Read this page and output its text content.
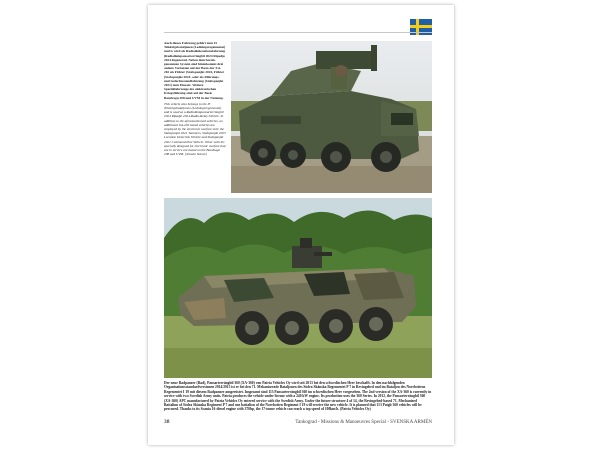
Auch dieses Fahrzeug gehört zum I3 Telekrigsbataljonen (Ledningsregementet) und is wird als Radiolänkstationsfahrzeug (Radiolänkpansarterrängbil 2024 Ripadje 2024-Ingenerad. Neben dem bereits genannten System sind hinzukommt drei andere Varianten auf der Basis der XA-202 als Führer (Stabspanjkt 2024, Führer (Stabspanjkt 2024- oder als Führungs- und Gefechtsstandfahrzeug (Stabspanjkt 2021) zum Einsatz. Weitere Spezialfahrzeuge des elektronischen Kriegsführung sind auf der Basis Bandvagn 208 und UVM in der Nutzung.

This vehicle also belongs to the I3 Telekrigsbataljonen (Ledningsregementet) and is used as a Radiolänkpansarterrängbil 2024 Ripadje 2024-Radio-Relay-Vehicle. In addition to the aforementioned vehicles, an additional XA-202 based vehicles are employed by the electronic warfare unit: the Stabspanjkt 2021 Jammers, Stabspanjkt 2023 Location Detection Vehicle and Stabspanjkt 2021 Command Post Vehicle. Other vehicles specially designed for electronic warfare that are in service are based on the Bandvagn 208 and UVM. (Johann Stiewe)

Der neue Radpanzer (Rad), Pansarterrängbil 360 (XA-360) von Patria Vehicles Oy wird seit 2013 bei den schwedischen Heer beschafft. In den nachfolgenden Organisationsstandardversionen 2014/2015 ist er bei den 71. Mekaniserade Bataljonen des Södra Skånska Regementet P 7 in Revingehed und im Bataljon des Norrbottens Regementet I 19 mit diesem Radpanzer ausgerüstet. Insgesamt sind 113 Pansarterrängbil 360 im schwedischen Heer vorgesehen. The 2nd version of the XA-360 is currently in service with two Swedish Army units. Patria produces the vehicle under license with a 240 kW engine. Its production uses the 360 Series. In 2012, the Pansarterrängbil 360 (XA-360) APC manufactured by Patria Vehicles Oy entered service with the Swedish Army. Under the future structure 4 of 14, the Revingehed-based 71. Mechanized Battalion of Södra Skånska Regiment P 7 and one battalion of the Norrbotten Regiment I 19 will receive the new vehicle. It is planned that 113 Patgb 360 vehicles will be procured. Thanks to its Scania 16-diesel engine with 370hp, the 17-tonne vehicle can reach a top speed of 100km/h. (Patria Vehicles Oy)
38	Tankograd - Missions & Manoeuvres Special - SVENSKA ARMÉN
